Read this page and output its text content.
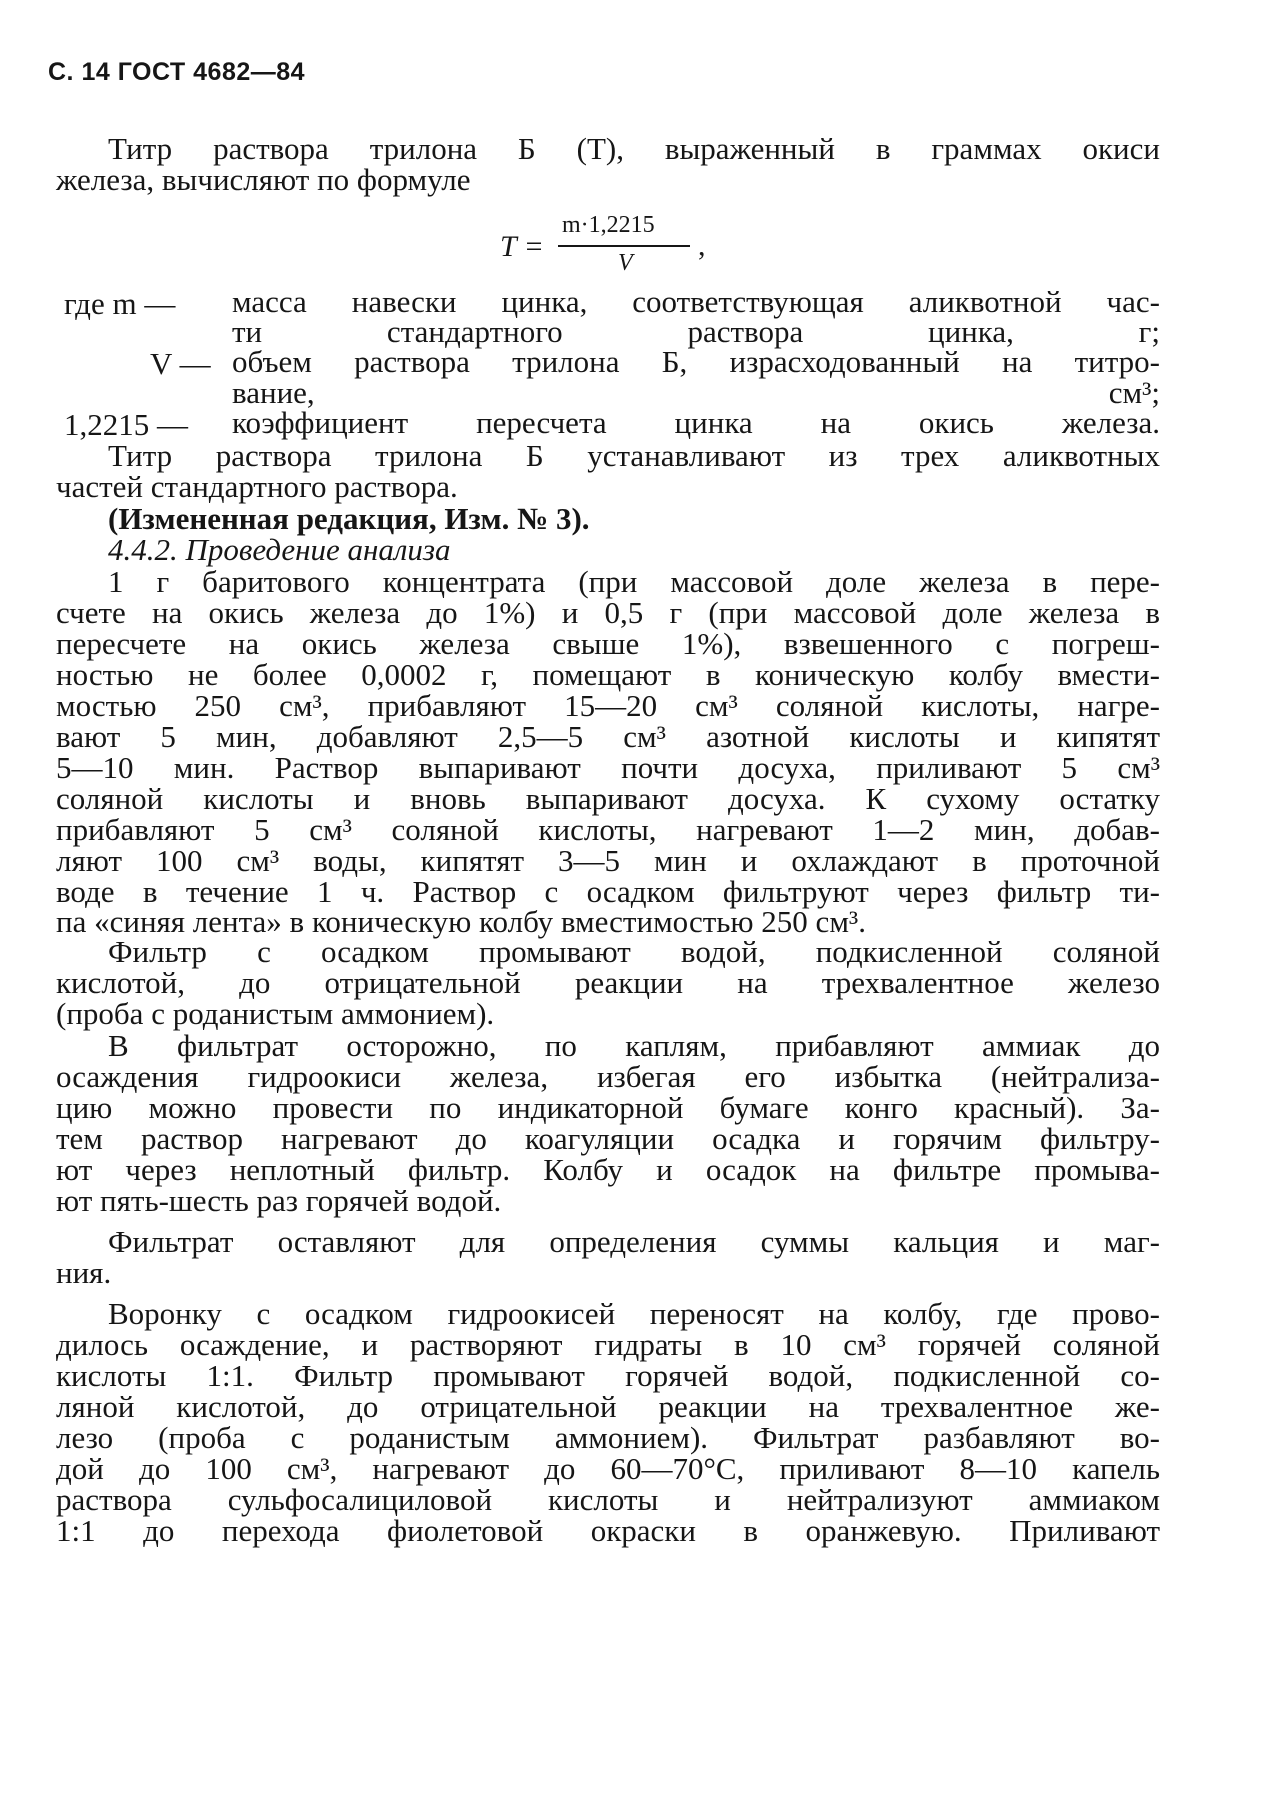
С. 14 ГОСТ 4682—84
Титр раствора трилона Б (Т), выраженный в граммах окиси
железа, вычисляют по формуле
T =
m·1,2215
V
,
где m — масса навески цинка, соответствующая аликвотной час-
ти стандартного раствора цинка, г;
V — объем раствора трилона Б, израсходованный на титро-
вание, см³;
1,2215 — коэффициент пересчета цинка на окись железа.
Титр раствора трилона Б устанавливают из трех аликвотных
частей стандартного раствора.
(Измененная редакция, Изм. № 3).
4.4.2. Проведение анализа
1 г баритового концентрата (при массовой доле железа в пере-
счете на окись железа до 1%) и 0,5 г (при массовой доле железа в
пересчете на окись железа свыше 1%), взвешенного с погреш-
ностью не более 0,0002 г, помещают в коническую колбу вмести-
мостью 250 см³, прибавляют 15—20 см³ соляной кислоты, нагре-
вают 5 мин, добавляют 2,5—5 см³ азотной кислоты и кипятят
5—10 мин. Раствор выпаривают почти досуха, приливают 5 см³
соляной кислоты и вновь выпаривают досуха. К сухому остатку
прибавляют 5 см³ соляной кислоты, нагревают 1—2 мин, добав-
ляют 100 см³ воды, кипятят 3—5 мин и охлаждают в проточной
воде в течение 1 ч. Раствор с осадком фильтруют через фильтр ти-
па «синяя лента» в коническую колбу вместимостью 250 см³.
Фильтр с осадком промывают водой, подкисленной соляной
кислотой, до отрицательной реакции на трехвалентное железо
(проба с роданистым аммонием).
В фильтрат осторожно, по каплям, прибавляют аммиак до
осаждения гидроокиси железа, избегая его избытка (нейтрализа-
цию можно провести по индикаторной бумаге конго красный). За-
тем раствор нагревают до коагуляции осадка и горячим фильтру-
ют через неплотный фильтр. Колбу и осадок на фильтре промыва-
ют пять-шесть раз горячей водой.
Фильтрат оставляют для определения суммы кальция и маг-
ния.
Воронку с осадком гидроокисей переносят на колбу, где прово-
дилось осаждение, и растворяют гидраты в 10 см³ горячей соляной
кислоты 1:1. Фильтр промывают горячей водой, подкисленной со-
ляной кислотой, до отрицательной реакции на трехвалентное же-
лезо (проба с роданистым аммонием). Фильтрат разбавляют во-
дой до 100 см³, нагревают до 60—70°С, приливают 8—10 капель
раствора сульфосалициловой кислоты и нейтрализуют аммиаком
1:1 до перехода фиолетовой окраски в оранжевую. Приливают
